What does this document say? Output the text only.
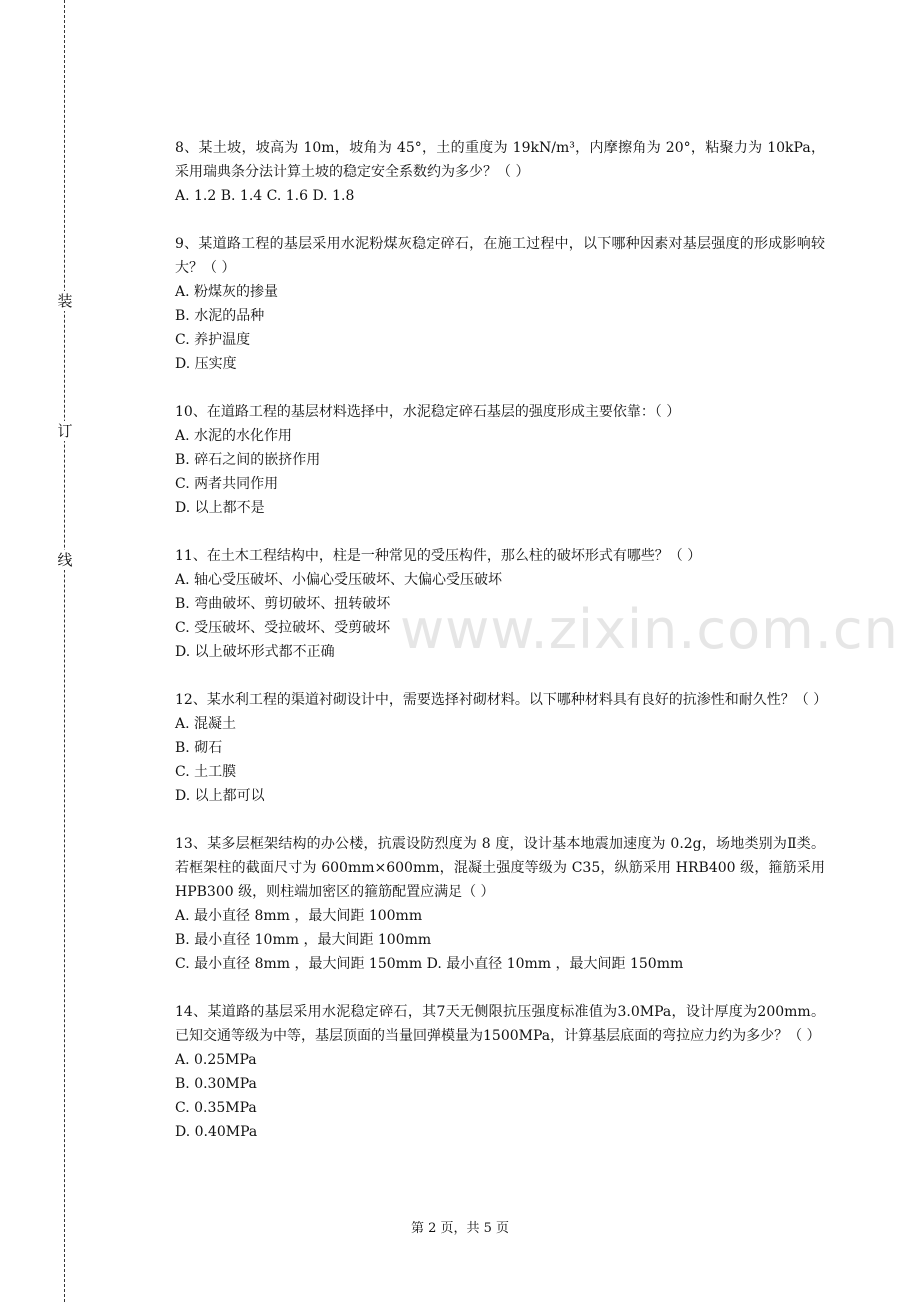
装
订
线
www.zixin.com.cn

8、某土坡，坡高为 10m，坡角为 45°，土的重度为 19kN/m³，内摩擦角为 20°，粘聚力为 10kPa，采用瑞典条分法计算土坡的稳定安全系数约为多少？（ ）

A. 1.2 B. 1.4 C. 1.6 D. 1.8

9、某道路工程的基层采用水泥粉煤灰稳定碎石，在施工过程中，以下哪种因素对基层强度的形成影响较大？（ ）

A. 粉煤灰的掺量

B. 水泥的品种

C. 养护温度

D. 压实度

10、在道路工程的基层材料选择中，水泥稳定碎石基层的强度形成主要依靠：（ ）

A. 水泥的水化作用

B. 碎石之间的嵌挤作用

C. 两者共同作用

D. 以上都不是

11、在土木工程结构中，柱是一种常见的受压构件，那么柱的破坏形式有哪些？（ ）

A. 轴心受压破坏、小偏心受压破坏、大偏心受压破坏

B. 弯曲破坏、剪切破坏、扭转破坏

C. 受压破坏、受拉破坏、受剪破坏

D. 以上破坏形式都不正确

12、某水利工程的渠道衬砌设计中，需要选择衬砌材料。以下哪种材料具有良好的抗渗性和耐久性？（ ）

A. 混凝土

B. 砌石

C. 土工膜

D. 以上都可以

13、某多层框架结构的办公楼，抗震设防烈度为 8 度，设计基本地震加速度为 0.2g，场地类别为Ⅱ类。若框架柱的截面尺寸为 600mm×600mm，混凝土强度等级为 C35，纵筋采用 HRB400 级，箍筋采用 HPB300 级，则柱端加密区的箍筋配置应满足（ ）

A. 最小直径 8mm ，最大间距 100mm

B. 最小直径 10mm ，最大间距 100mm

C. 最小直径 8mm ，最大间距 150mm D. 最小直径 10mm ，最大间距 150mm

14、某道路的基层采用水泥稳定碎石，其7天无侧限抗压强度标准值为3.0MPa，设计厚度为200mm。已知交通等级为中等，基层顶面的当量回弹模量为1500MPa，计算基层底面的弯拉应力约为多少？（ ）

A. 0.25MPa

B. 0.30MPa

C. 0.35MPa

D. 0.40MPa

第 2 页，共 5 页
